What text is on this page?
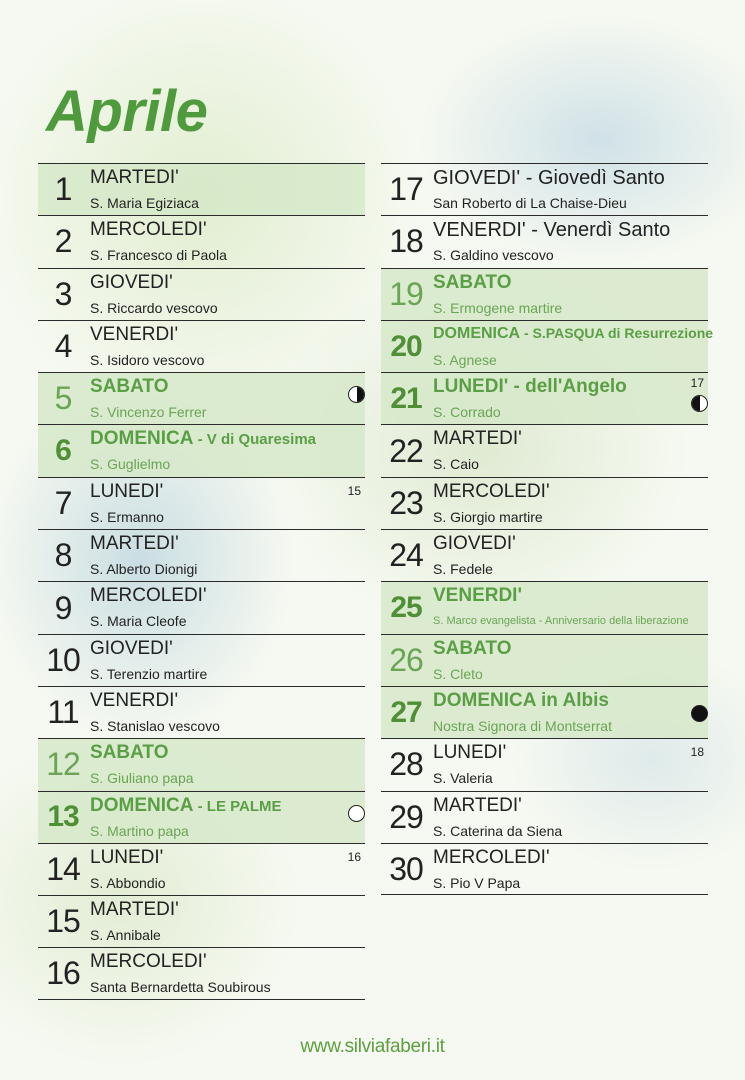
Aprile
1 MARTEDI'
S. Maria Egiziaca
2 MERCOLEDI'
S. Francesco di Paola
3 GIOVEDI'
S. Riccardo vescovo
4 VENERDI'
S. Isidoro vescovo
5 SABATO
S. Vincenzo Ferrer
6	DOMENICA - V di Quaresima
S. Guglielmo
7 LUNEDI'
S. Ermanno
15
8 MARTEDI'
S. Alberto Dionigi
9 MERCOLEDI'
S. Maria Cleofe
10 GIOVEDI'
S. Terenzio martire
11 VENERDI'
S. Stanislao vescovo
12 SABATO
S. Giuliano papa
13 DOMENICA - LE PALME
S. Martino papa
14 LUNEDI'
S. Abbondio
16
15 MARTEDI'
S. Annibale
16 MERCOLEDI'
Santa Bernardetta Soubirous
17 GIOVEDI' - Giovedì Santo
San Roberto di La Chaise-Dieu
18 VENERDI' - Venerdì Santo
S. Galdino vescovo
19 SABATO
S. Ermogene martire
20 DOMENICA - S.PASQUA di Resurrezione
S. Agnese
21 LUNEDI' - dell'Angelo
S. Corrado
17
22 MARTEDI'
S. Caio
23 MERCOLEDI'
S. Giorgio martire
24 GIOVEDI'
S. Fedele
25 VENERDI'
S. Marco evangelista - Anniversario della liberazione
26 SABATO
S. Cleto
27 DOMENICA in Albis
Nostra Signora di Montserrat
28 LUNEDI'
S. Valeria
18
29 MARTEDI'
S. Caterina da Siena
30 MERCOLEDI'
S. Pio V Papa
www.silviafaberi.it
